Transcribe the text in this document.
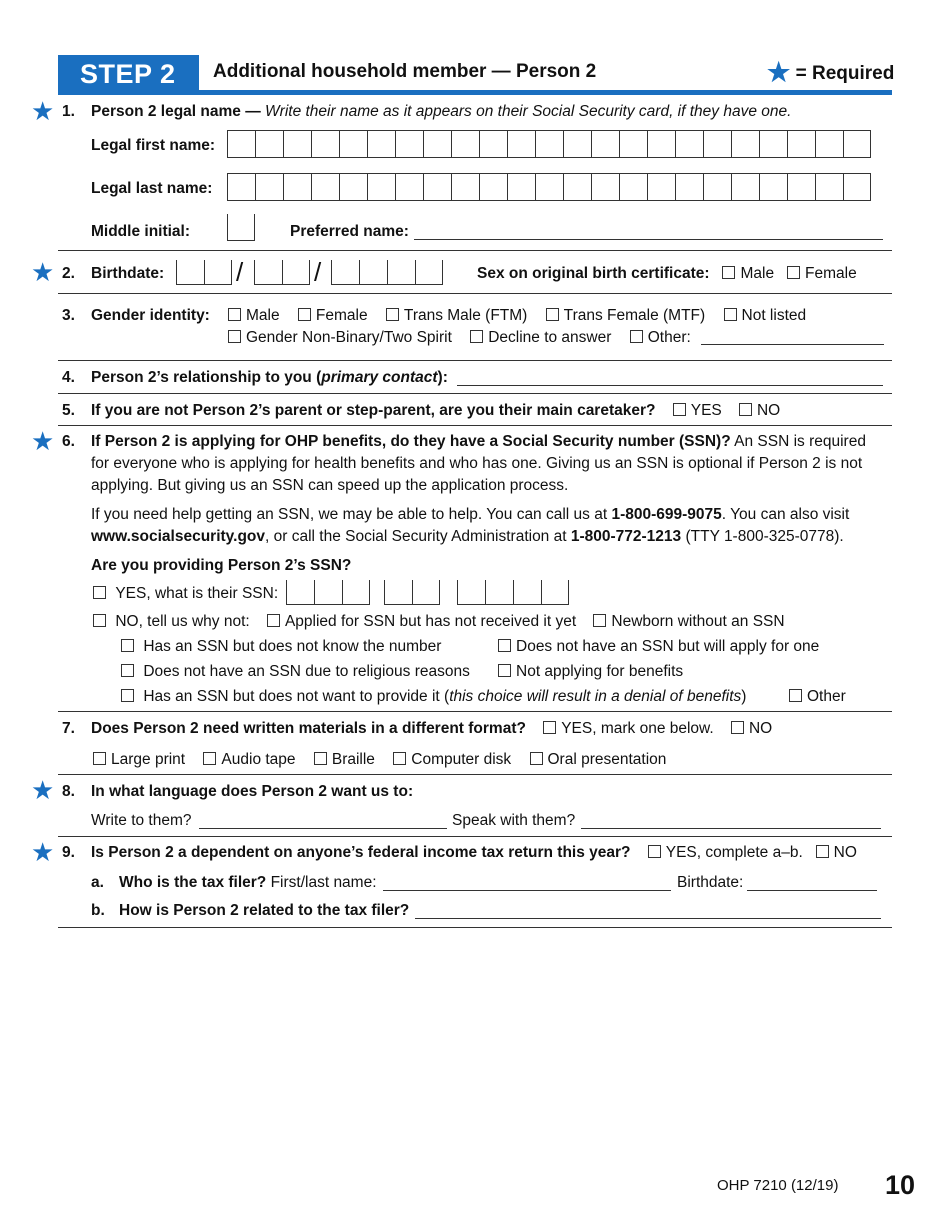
STEP 2 Additional household member — Person 2	★ = Required
★ 1. Person 2 legal name — Write their name as it appears on their Social Security card, if they have one.
Legal first name:
Legal last name:
Middle initial:	Preferred name:
★ 2. Birthdate:	/	/	Sex on original birth certificate: Male Female
3. Gender identity:	Male Female Trans Male (FTM) Trans Female (MTF) Not listed
Gender Non-Binary/Two Spirit Decline to answer Other:
4. Person 2’s relationship to you (primary contact):
5. If you are not Person 2’s parent or step-parent, are you their main caretaker? YES NO
★ 6. If Person 2 is applying for OHP benefits, do they have a Social Security number (SSN)? An SSN is required
for everyone who is applying for health benefits and who has one. Giving us an SSN is optional if Person 2 is not
applying. But giving us an SSN can speed up the application process.
If you need help getting an SSN, we may be able to help. You can call us at 1-800-699-9075. You can also visit
www.socialsecurity.gov, or call the Social Security Administration at 1-800-772-1213 (TTY 1-800-325-0778).
Are you providing Person 2’s SSN?
YES, what is their SSN:
NO, tell us why not: Applied for SSN but has not received it yet Newborn without an SSN
Has an SSN but does not know the number	Does not have an SSN but will apply for one
Does not have an SSN due to religious reasons	Not applying for benefits
Has an SSN but does not want to provide it (this choice will result in a denial of benefits)	Other
7. Does Person 2 need written materials in a different format? YES, mark one below. NO
Large print Audio tape Braille Computer disk Oral presentation
★ 8. In what language does Person 2 want us to:
Write to them?	Speak with them?
★ 9. Is Person 2 a dependent on anyone’s federal income tax return this year? YES, complete a–b. NO
a. Who is the tax filer? First/last name:	Birthdate:
b. How is Person 2 related to the tax filer?
OHP 7210 (12/19) 10
